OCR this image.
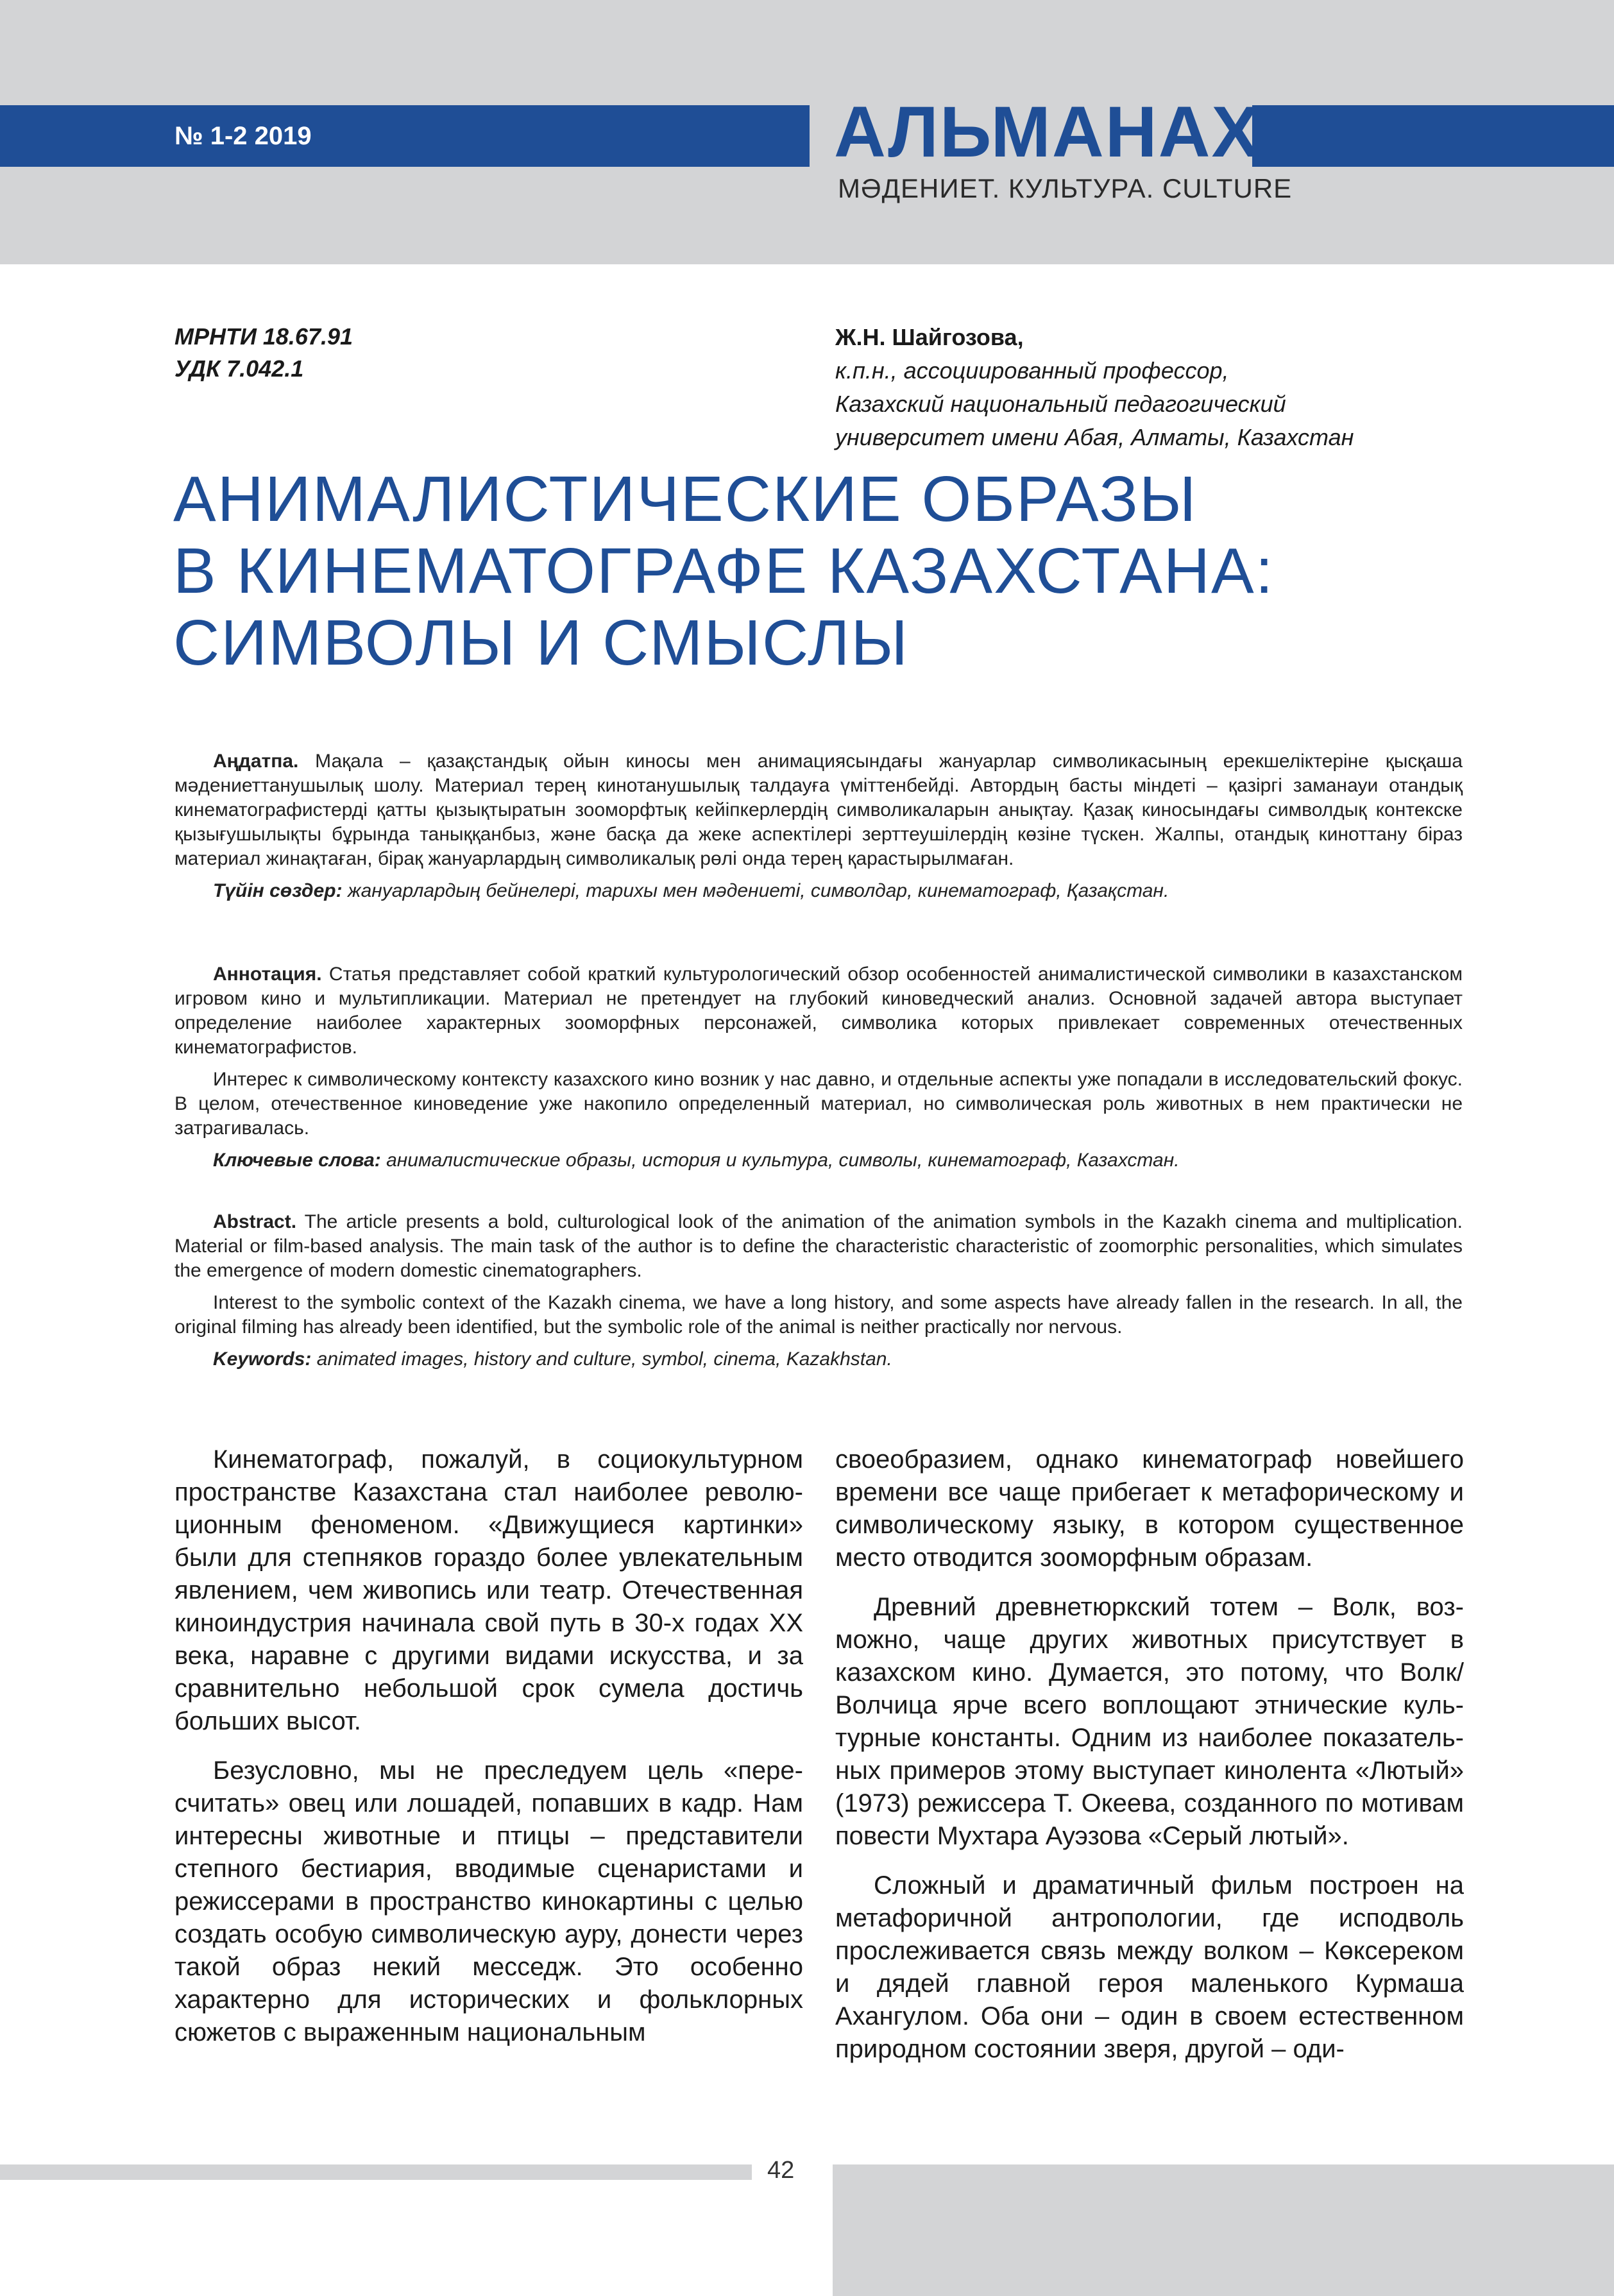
№ 1-2 2019	АЛЬМАНАХ
МӘДЕНИЕТ. КУЛЬТУРА. CULTURE
МРНТИ 18.67.91
УДК 7.042.1
Ж.Н. Шайгозова,
к.п.н., ассоциированный профессор,
Казахский национальный педагогический
университет имени Абая, Алматы, Казахстан
АНИМАЛИСТИЧЕСКИЕ ОБРАЗЫ
В КИНЕМАТОГРАФЕ КАЗАХСТАНА:
СИМВОЛЫ И СМЫСЛЫ

Аңдатпа. Мақала – қазақстандық ойын киносы мен анимациясындағы жануарлар символикасының ерекшеліктеріне қысқаша мәдениеттанушылық шолу. Материал терең кинотанушылық талдауға үміттенбейді. Автордың басты міндеті – қазіргі заманауи отандық кинематографистерді қатты қызықтыратын зооморфтық кейіпкерлердің символикаларын анықтау. Қазақ киносындағы символдық контекске қызығушылықты бұрында таныққанбыз, және басқа да жеке аспектілері зерттеушілердің көзіне түскен. Жалпы, отандық киноттану біраз материал жинақтаған, бірақ жануарлардың символикалық рөлі онда терең қарастырылмаған.

Түйін сөздер: жануарлардың бейнелері, тарихы мен мәдениеті, символдар, кинематограф, Қазақстан.

Аннотация. Статья представляет собой краткий культурологический обзор особенностей анималистической символики в казахстанском игровом кино и мультипликации. Материал не претендует на глубокий киноведческий анализ. Основной задачей автора выступает определение наиболее характерных зооморфных персонажей, символика которых привлекает современных отечественных кинематографистов.

Интерес к символическому контексту казахского кино возник у нас давно, и отдельные аспекты уже попадали в исследовательский фокус. В целом, отечественное киноведение уже накопило определенный материал, но символическая роль животных в нем практически не затрагивалась.

Ключевые слова: анималистические образы, история и культура, символы, кинематограф, Казахстан.

Abstract. The article presents a bold, culturological look of the animation of the animation symbols in the Kazakh cinema and multiplication. Material or film-based analysis. The main task of the author is to define the characteristic characteristic of zoomorphic personalities, which simulates the emergence of modern domestic cinematographers.

Interest to the symbolic context of the Kazakh cinema, we have a long history, and some aspects have already fallen in the research. In all, the original filming has already been identified, but the symbolic role of the animal is neither practically nor nervous.

Keywords: animated images, history and culture, symbol, cinema, Kazakhstan.

Кинематограф, пожалуй, в социокультурном пространстве Казахстана стал наиболее революционным феноменом. «Движущиеся картинки» были для степняков гораздо более увлекательным явлением, чем живопись или театр. Отечественная киноиндустрия начинала свой путь в 30-х годах XX века, наравне с другими видами искусства, и за сравнительно небольшой срок сумела достичь больших высот.

Безусловно, мы не преследуем цель «пересчитать» овец или лошадей, попавших в кадр. Нам интересны животные и птицы – представители степного бестиария, вводимые сценаристами и режиссерами в пространство кинокартины с целью создать особую символическую ауру, донести через такой образ некий месседж. Это особенно характерно для исторических и фольклорных сюжетов с выраженным национальным

своеобразием, однако кинематограф новейшего времени все чаще прибегает к метафорическому и символическому языку, в котором существенное место отводится зооморфным образам.

Древний древнетюркский тотем – Волк, возможно, чаще других животных присутствует в казахском кино. Думается, это потому, что Волк/ Волчица ярче всего воплощают этнические культурные константы. Одним из наиболее показательных примеров этому выступает кинолента «Лютый» (1973) режиссера Т. Океева, созданного по мотивам повести Мухтара Ауэзова «Серый лютый».

Сложный и драматичный фильм построен на метафоричной антропологии, где исподволь прослеживается связь между волком – Көксереком и дядей главной героя маленького Курмаша Ахангулом. Оба они – один в своем естественном природном состоянии зверя, другой – оди-

42
